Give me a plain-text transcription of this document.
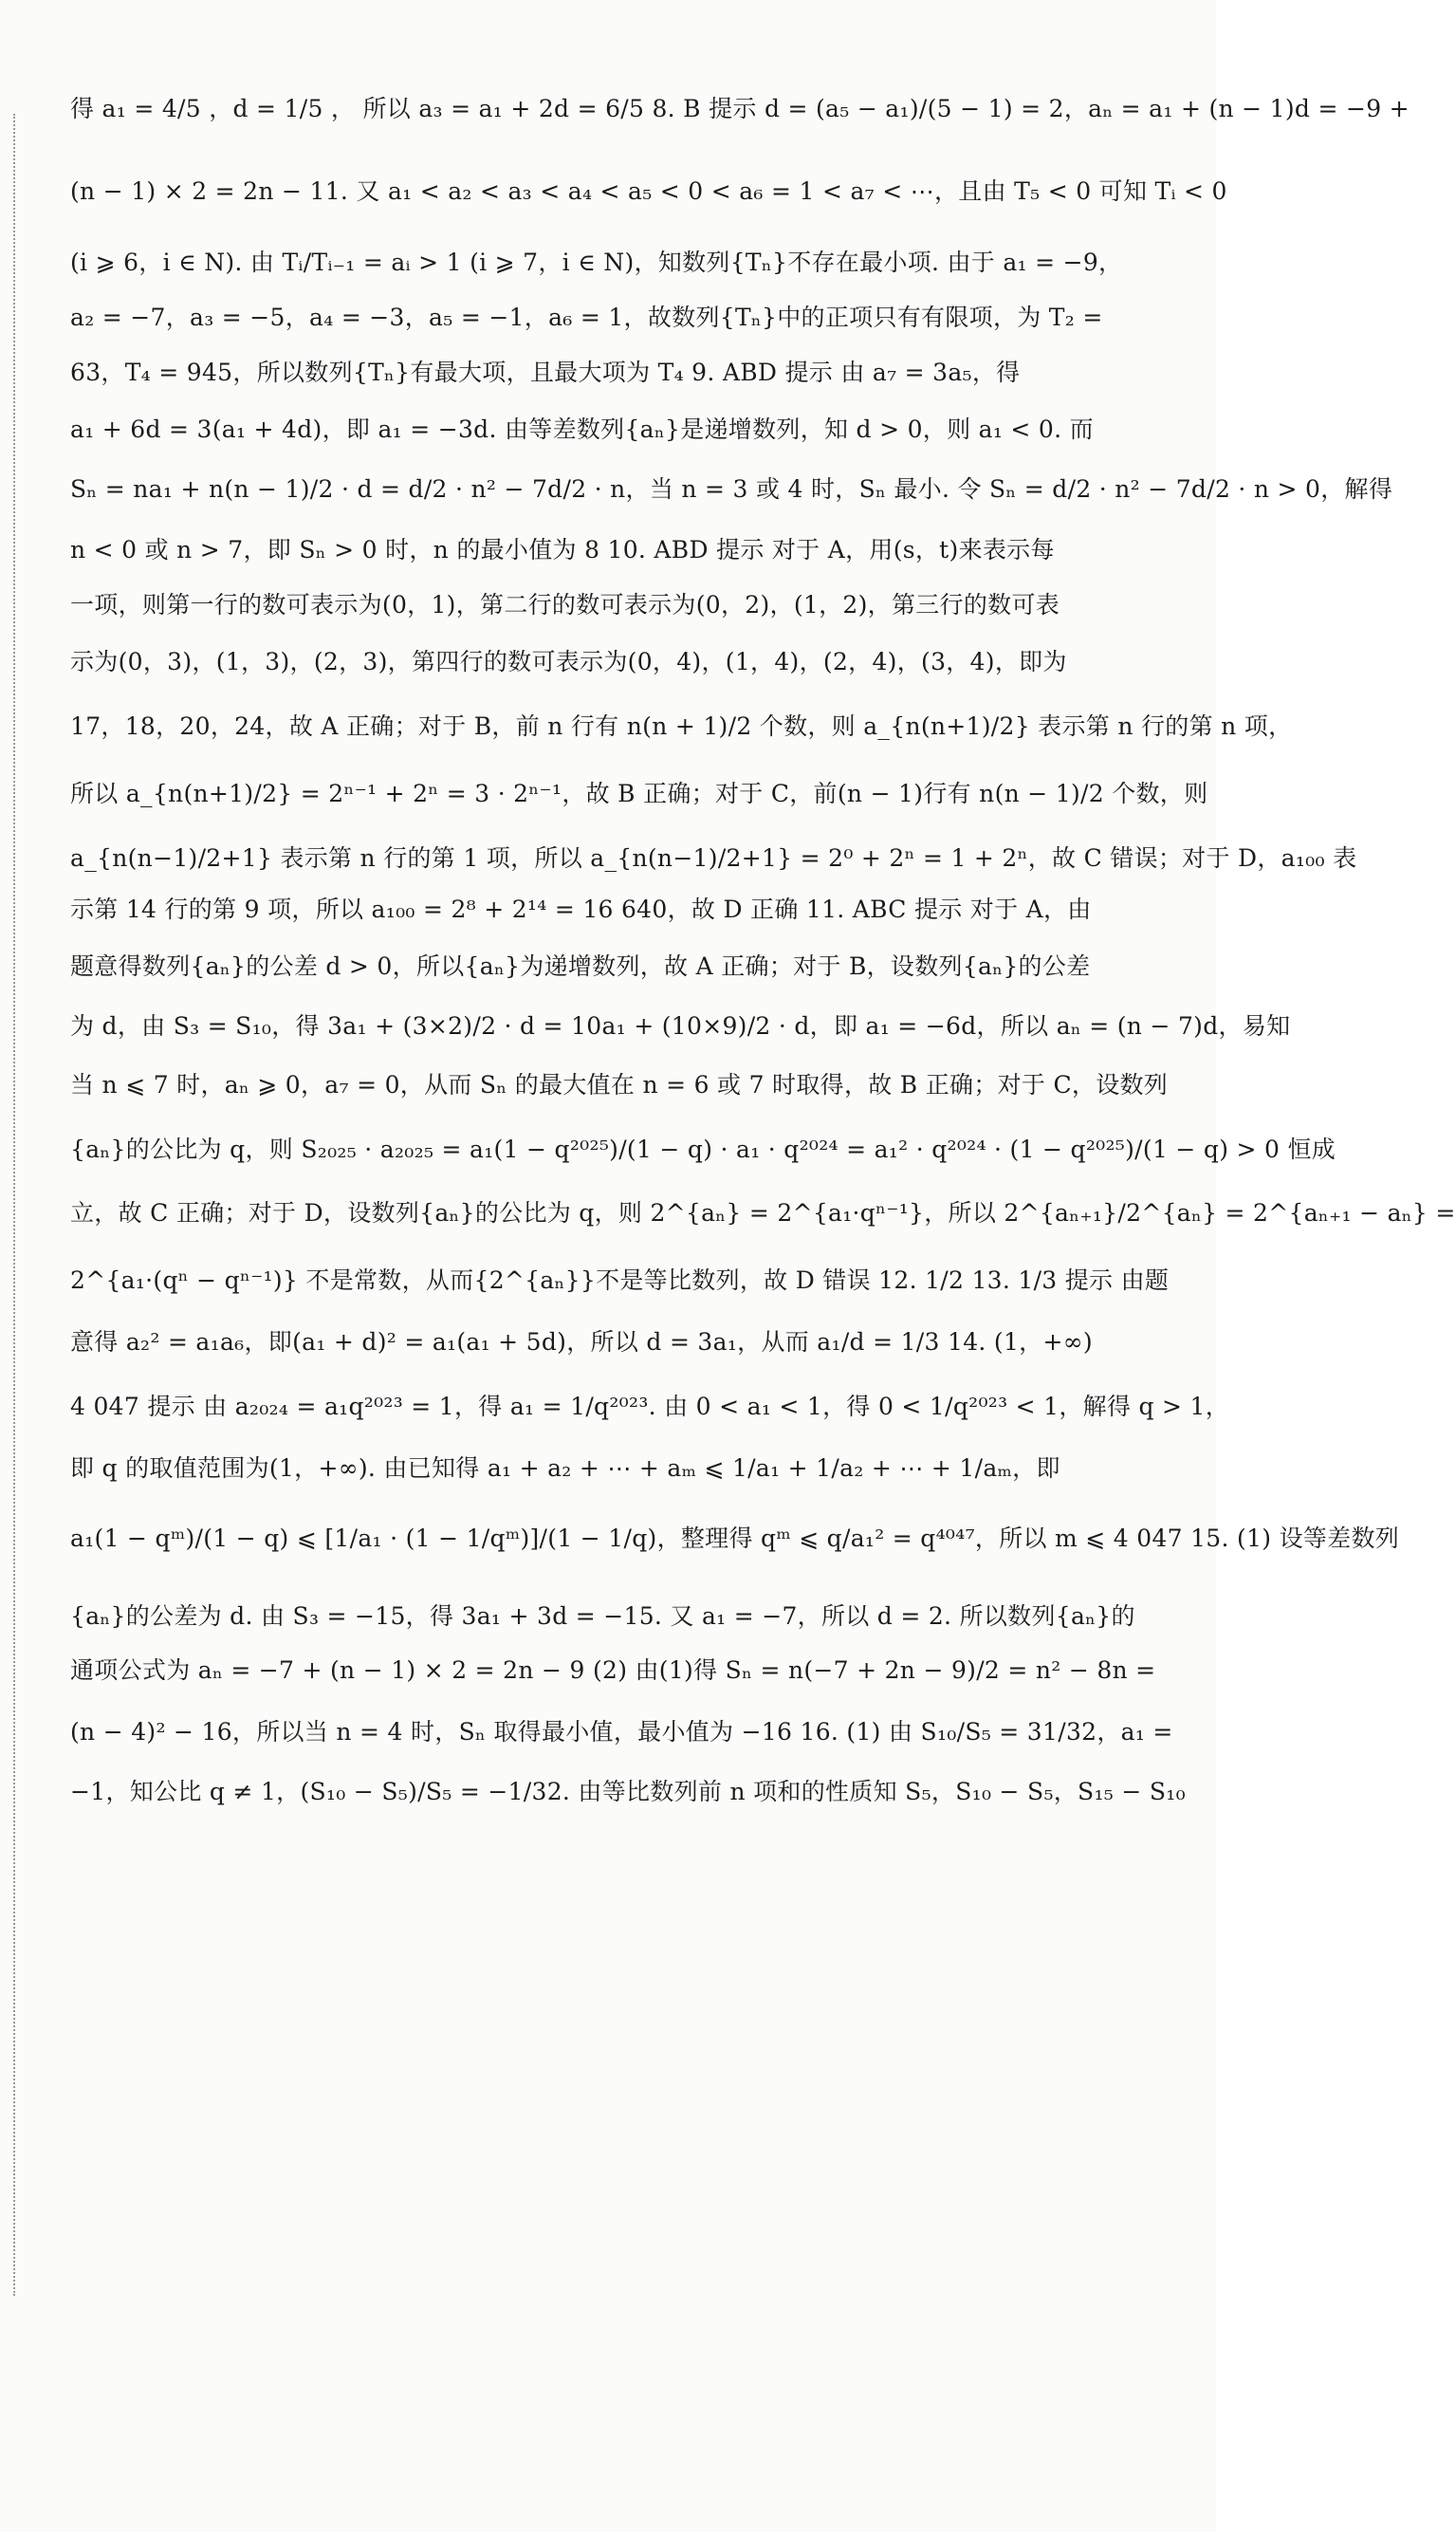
得 a₁ = 4/5 ，d = 1/5 ， 所以 a₃ = a₁ + 2d = 6/5 8. B 提示 d = (a₅ − a₁)/(5 − 1) = 2，aₙ = a₁ + (n − 1)d = −9 +
(n − 1) × 2 = 2n − 11. 又 a₁ < a₂ < a₃ < a₄ < a₅ < 0 < a₆ = 1 < a₇ < ⋯，且由 T₅ < 0 可知 Tᵢ < 0
(i ⩾ 6，i ∈ N). 由 Tᵢ/Tᵢ₋₁ = aᵢ > 1 (i ⩾ 7，i ∈ N)，知数列{Tₙ}不存在最小项. 由于 a₁ = −9，
a₂ = −7，a₃ = −5，a₄ = −3，a₅ = −1，a₆ = 1，故数列{Tₙ}中的正项只有有限项，为 T₂ =
63，T₄ = 945，所以数列{Tₙ}有最大项，且最大项为 T₄ 9. ABD 提示 由 a₇ = 3a₅，得
a₁ + 6d = 3(a₁ + 4d)，即 a₁ = −3d. 由等差数列{aₙ}是递增数列，知 d > 0，则 a₁ < 0. 而
Sₙ = na₁ + n(n − 1)/2 · d = d/2 · n² − 7d/2 · n，当 n = 3 或 4 时，Sₙ 最小. 令 Sₙ = d/2 · n² − 7d/2 · n > 0，解得
n < 0 或 n > 7，即 Sₙ > 0 时，n 的最小值为 8 10. ABD 提示 对于 A，用(s，t)来表示每
一项，则第一行的数可表示为(0，1)，第二行的数可表示为(0，2)，(1，2)，第三行的数可表
示为(0，3)，(1，3)，(2，3)，第四行的数可表示为(0，4)，(1，4)，(2，4)，(3，4)，即为
17，18，20，24，故 A 正确；对于 B，前 n 行有 n(n + 1)/2 个数，则 a_{n(n+1)/2} 表示第 n 行的第 n 项，
所以 a_{n(n+1)/2} = 2ⁿ⁻¹ + 2ⁿ = 3 · 2ⁿ⁻¹，故 B 正确；对于 C，前(n − 1)行有 n(n − 1)/2 个数，则
a_{n(n−1)/2+1} 表示第 n 行的第 1 项，所以 a_{n(n−1)/2+1} = 2⁰ + 2ⁿ = 1 + 2ⁿ，故 C 错误；对于 D，a₁₀₀ 表
示第 14 行的第 9 项，所以 a₁₀₀ = 2⁸ + 2¹⁴ = 16 640，故 D 正确 11. ABC 提示 对于 A，由
题意得数列{aₙ}的公差 d > 0，所以{aₙ}为递增数列，故 A 正确；对于 B，设数列{aₙ}的公差
为 d，由 S₃ = S₁₀，得 3a₁ + (3×2)/2 · d = 10a₁ + (10×9)/2 · d，即 a₁ = −6d，所以 aₙ = (n − 7)d，易知
当 n ⩽ 7 时，aₙ ⩾ 0，a₇ = 0，从而 Sₙ 的最大值在 n = 6 或 7 时取得，故 B 正确；对于 C，设数列
{aₙ}的公比为 q，则 S₂₀₂₅ · a₂₀₂₅ = a₁(1 − q²⁰²⁵)/(1 − q) · a₁ · q²⁰²⁴ = a₁² · q²⁰²⁴ · (1 − q²⁰²⁵)/(1 − q) > 0 恒成
立，故 C 正确；对于 D，设数列{aₙ}的公比为 q，则 2^{aₙ} = 2^{a₁·qⁿ⁻¹}，所以 2^{aₙ₊₁}/2^{aₙ} = 2^{aₙ₊₁ − aₙ} =
2^{a₁·(qⁿ − qⁿ⁻¹)} 不是常数，从而{2^{aₙ}}不是等比数列，故 D 错误 12. 1/2 13. 1/3 提示 由题
意得 a₂² = a₁a₆，即(a₁ + d)² = a₁(a₁ + 5d)，所以 d = 3a₁，从而 a₁/d = 1/3 14. (1，+∞)
4 047 提示 由 a₂₀₂₄ = a₁q²⁰²³ = 1，得 a₁ = 1/q²⁰²³. 由 0 < a₁ < 1，得 0 < 1/q²⁰²³ < 1，解得 q > 1，
即 q 的取值范围为(1，+∞). 由已知得 a₁ + a₂ + ⋯ + aₘ ⩽ 1/a₁ + 1/a₂ + ⋯ + 1/aₘ，即
a₁(1 − qᵐ)/(1 − q) ⩽ [1/a₁ · (1 − 1/qᵐ)]/(1 − 1/q)，整理得 qᵐ ⩽ q/a₁² = q⁴⁰⁴⁷，所以 m ⩽ 4 047 15. (1) 设等差数列
{aₙ}的公差为 d. 由 S₃ = −15，得 3a₁ + 3d = −15. 又 a₁ = −7，所以 d = 2. 所以数列{aₙ}的
通项公式为 aₙ = −7 + (n − 1) × 2 = 2n − 9 (2) 由(1)得 Sₙ = n(−7 + 2n − 9)/2 = n² − 8n =
(n − 4)² − 16，所以当 n = 4 时，Sₙ 取得最小值，最小值为 −16 16. (1) 由 S₁₀/S₅ = 31/32，a₁ =
−1，知公比 q ≠ 1，(S₁₀ − S₅)/S₅ = −1/32. 由等比数列前 n 项和的性质知 S₅，S₁₀ − S₅，S₁₅ − S₁₀
